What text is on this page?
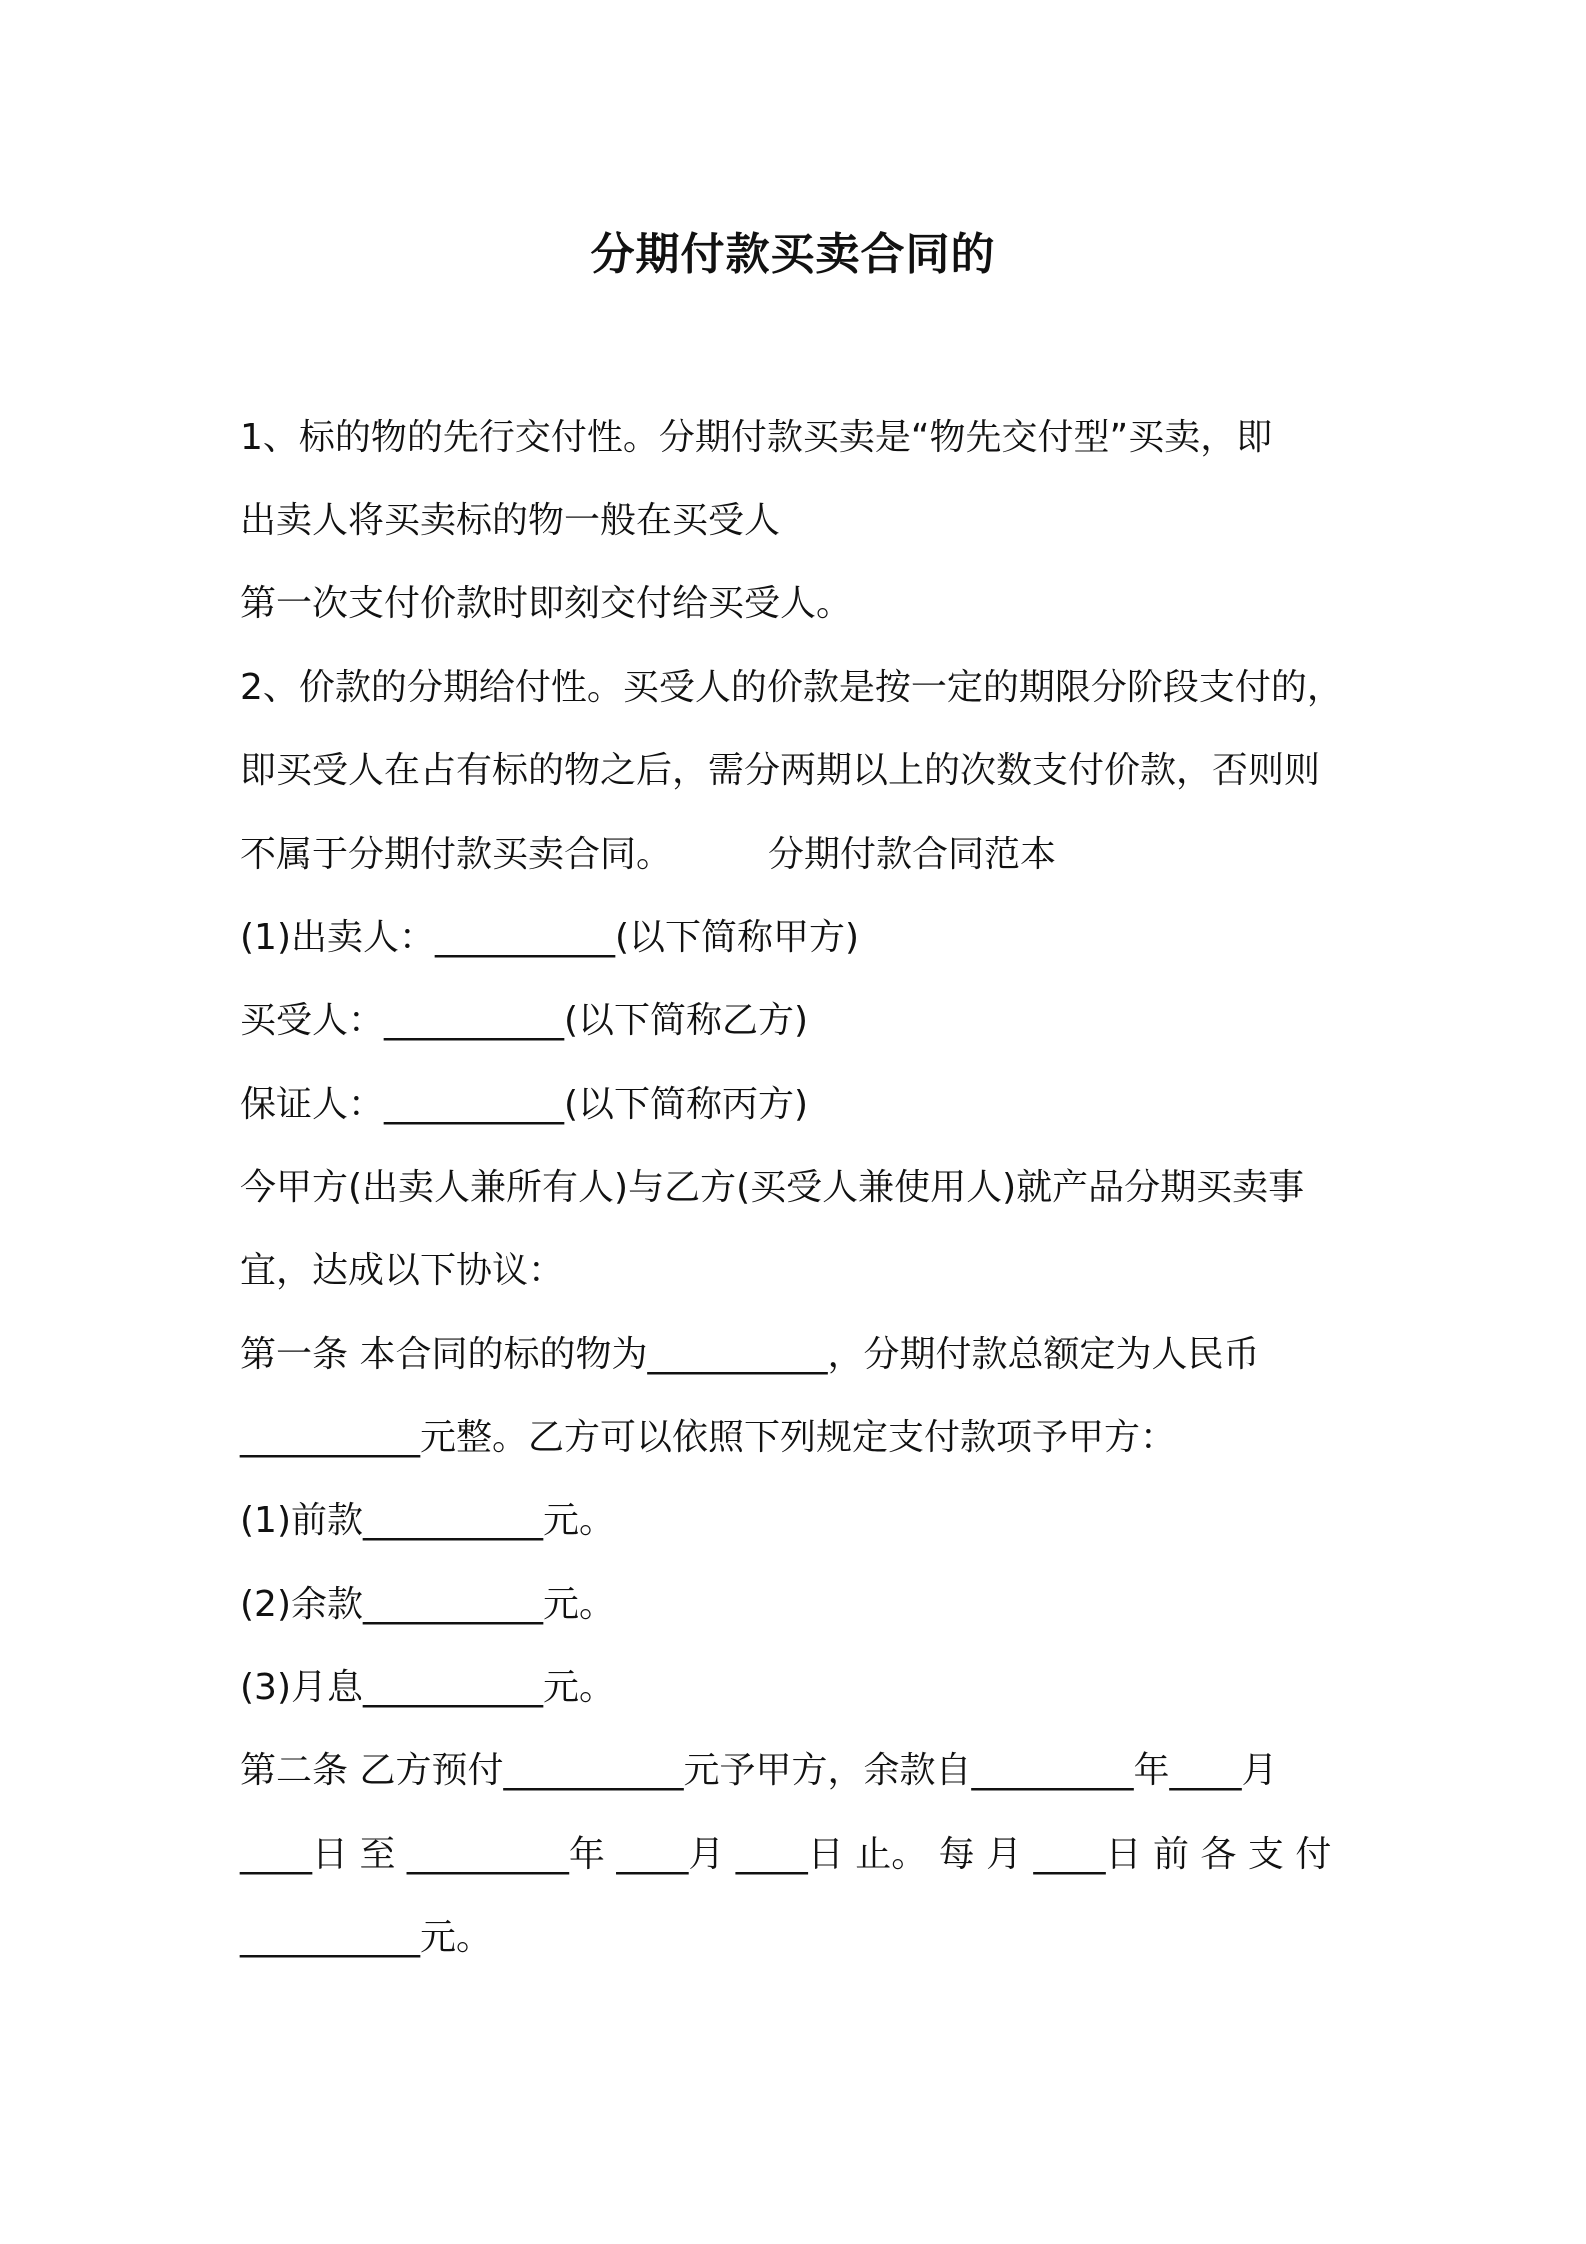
分期付款买卖合同的

1、标的物的先行交付性。分期付款买卖是“物先交付型”买卖，即

出卖人将买卖标的物一般在买受人

第一次支付价款时即刻交付给买受人。

2、价款的分期给付性。买受人的价款是按一定的期限分阶段支付的，

即买受人在占有标的物之后，需分两期以上的次数支付价款，否则则

不属于分期付款买卖合同。	分期付款合同范本

(1)出卖人：__________(以下简称甲方)

买受人：__________(以下简称乙方)

保证人：__________(以下简称丙方)

今甲方(出卖人兼所有人)与乙方(买受人兼使用人)就产品分期买卖事

宜，达成以下协议：

第一条 本合同的标的物为__________，分期付款总额定为人民币

__________元整。乙方可以依照下列规定支付款项予甲方：

(1)前款__________元。

(2)余款__________元。

(3)月息__________元。

第二条 乙方预付__________元予甲方，余款自_________年____月

____日 至 _________年 ____月 ____日 止。 每 月 ____日 前 各 支 付

__________元。
